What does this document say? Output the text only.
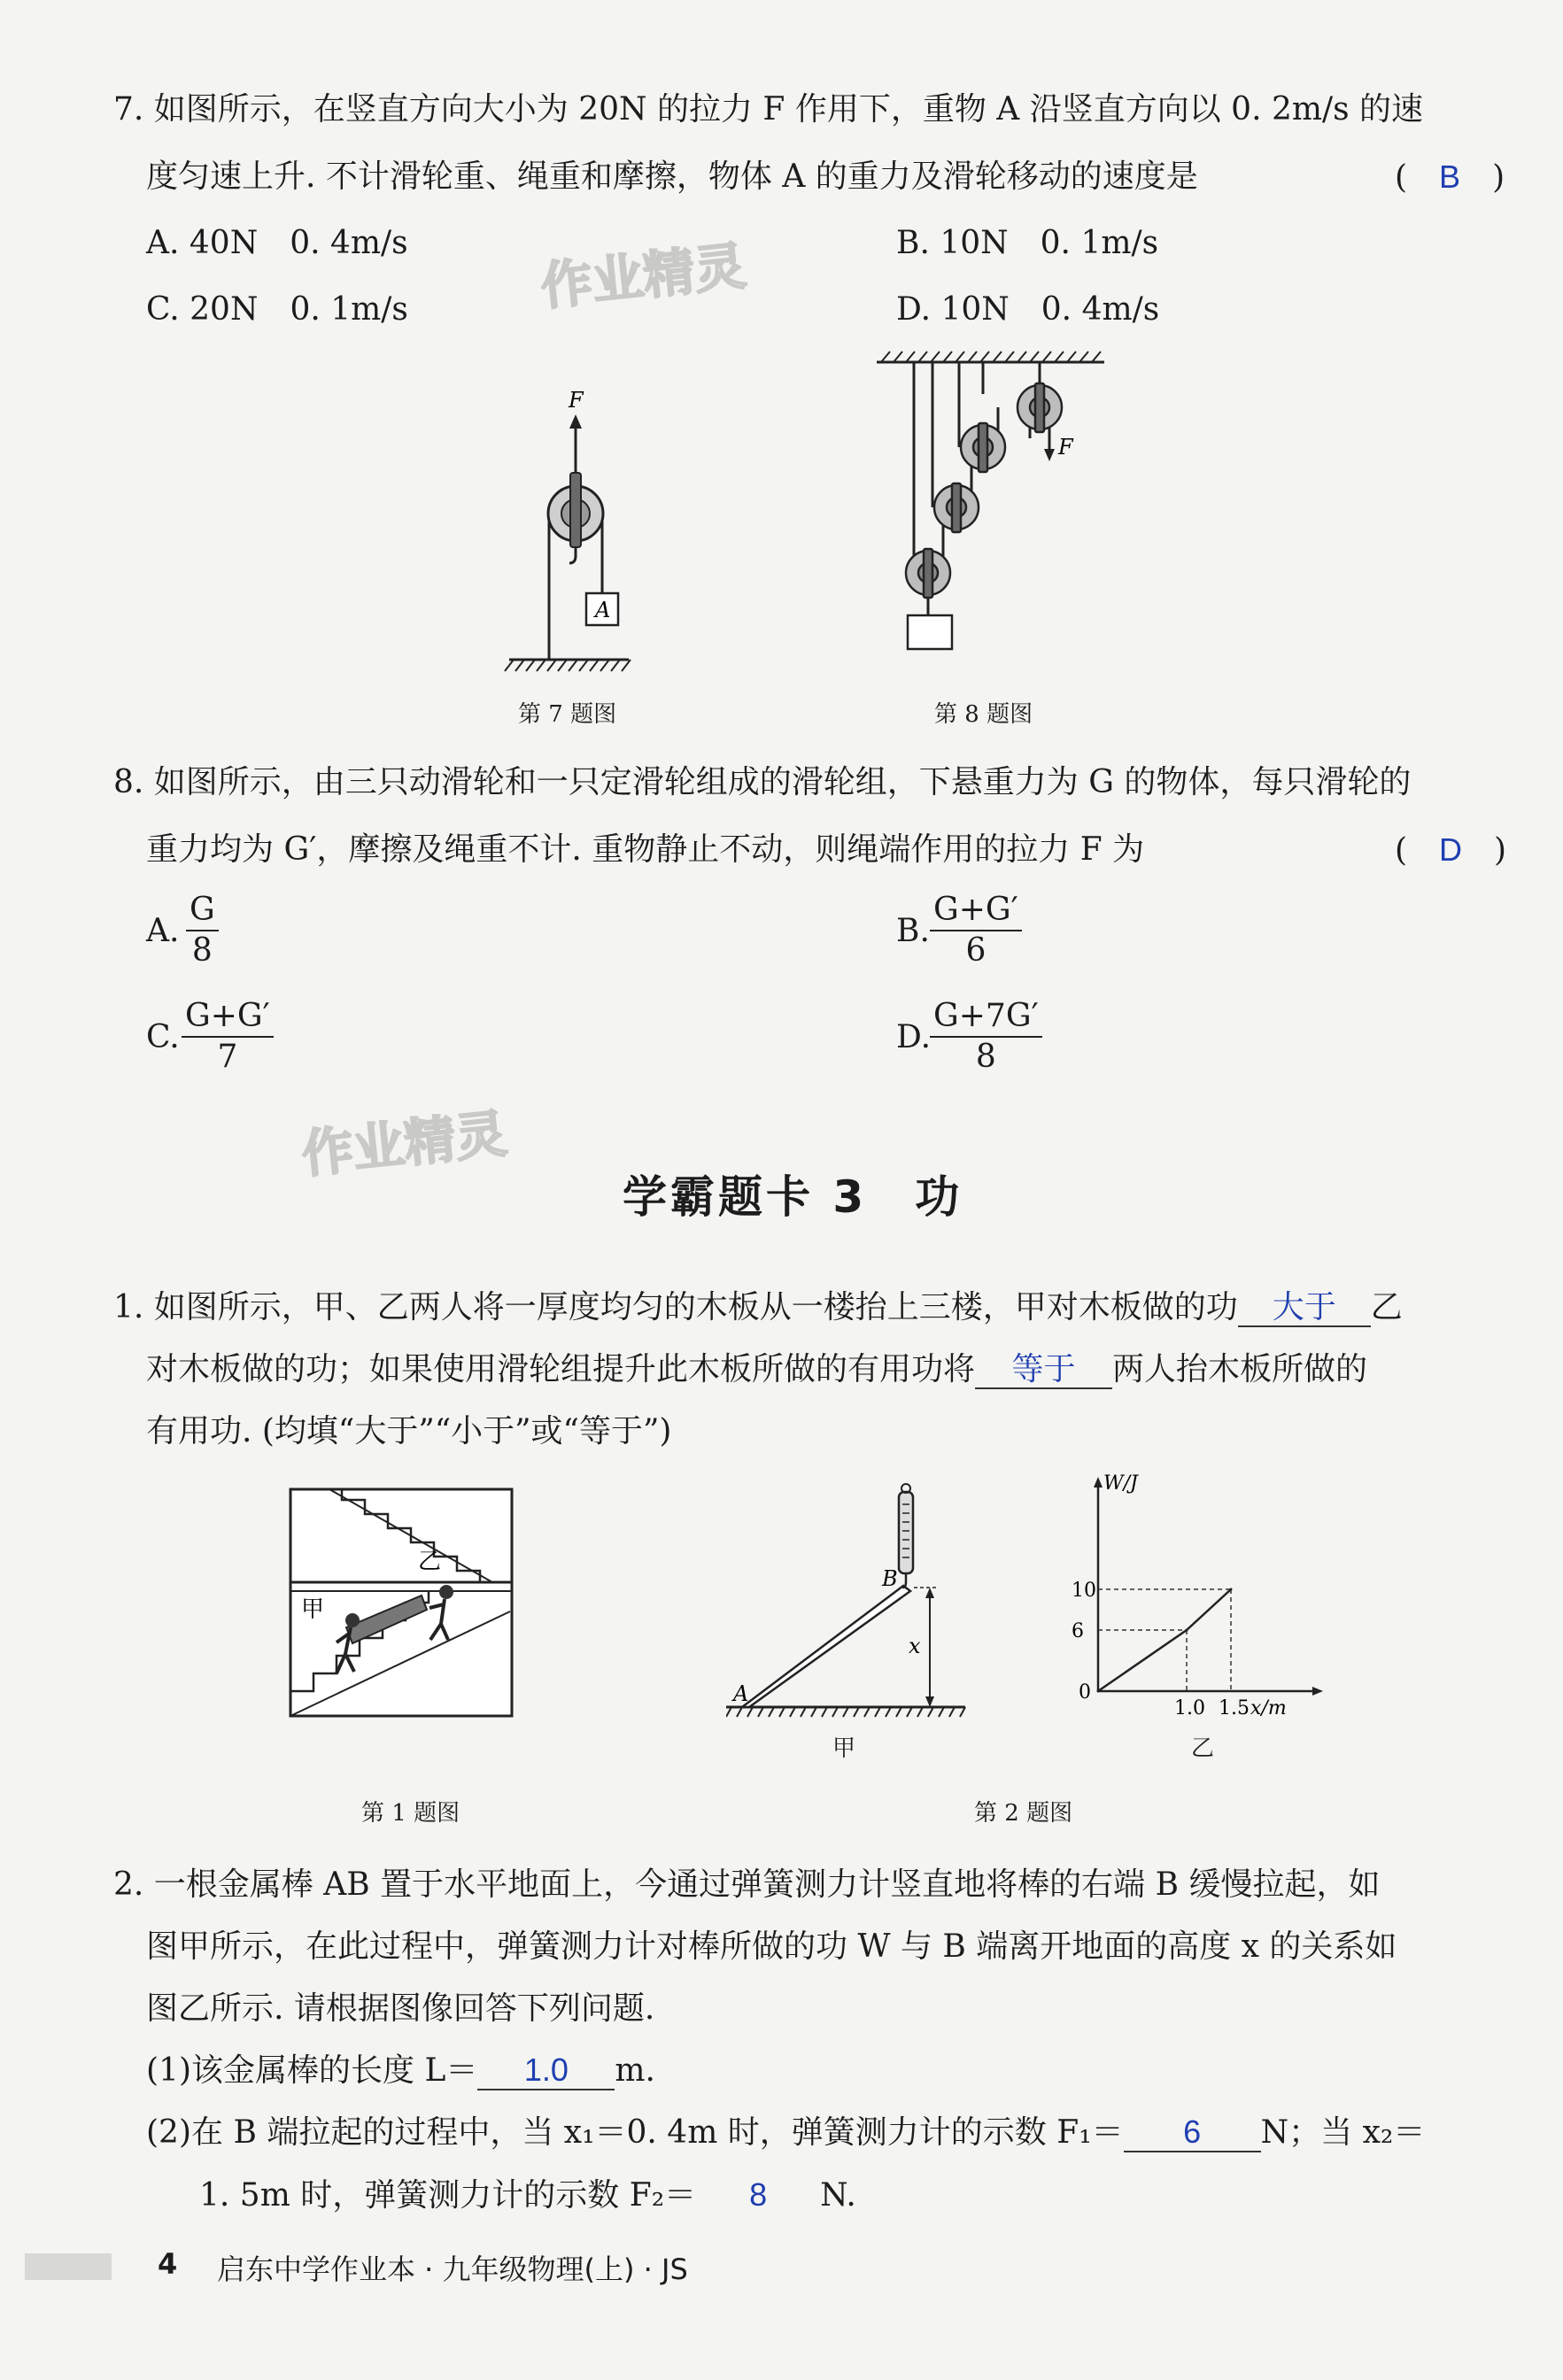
7. 如图所示，在竖直方向大小为 20N 的拉力 F 作用下，重物 A 沿竖直方向以 0. 2m/s 的速
度匀速上升. 不计滑轮重、绳重和摩擦，物体 A 的重力及滑轮移动的速度是	(　B　)
A. 40N　0. 4m/s	B. 10N　0. 1m/s
C. 20N　0. 1m/s	D. 10N　0. 4m/s
作业精灵
F
A
第 7 题图
F
第 8 题图
8. 如图所示，由三只动滑轮和一只定滑轮组成的滑轮组，下悬重力为 G 的物体，每只滑轮的
重力均为 G′，摩擦及绳重不计. 重物静止不动，则绳端作用的拉力 F 为	(　D　)
A. $\frac{G}{8}$	B. $\frac{G+G'}{6}$
C. $\frac{G+G'}{7}$	D.
$\frac{G+7G'}{8}$
作业精灵
学霸题卡 3　功
1. 如图所示，甲、乙两人将一厚度均匀的木板从一楼抬上三楼，甲对木板做的功 大于 乙
对木板做的功；如果使用滑轮组提升此木板所做的有用功将 等于 两人抬木板所做的
有用功. (均填“大于”“小于”或“等于”)
乙
甲
第 1 题图
A
B
x
甲
1.0 1.5
6
10
0
x/m
W/J
乙
第 2 题图
2. 一根金属棒 AB 置于水平地面上，今通过弹簧测力计竖直地将棒的右端 B 缓慢拉起，如
图甲所示，在此过程中，弹簧测力计对棒所做的功 W 与 B 端离开地面的高度 x 的关系如
图乙所示. 请根据图像回答下列问题.
(1)该金属棒的长度 L＝ 1.0 m.
(2)在 B 端拉起的过程中，当 x₁＝0. 4m 时，弹簧测力计的示数 F₁＝ 6 N；当 x₂＝
1. 5m 时，弹簧测力计的示数 F₂＝ 8 N.
4 启东中学作业本 · 九年级物理(上) · JS
